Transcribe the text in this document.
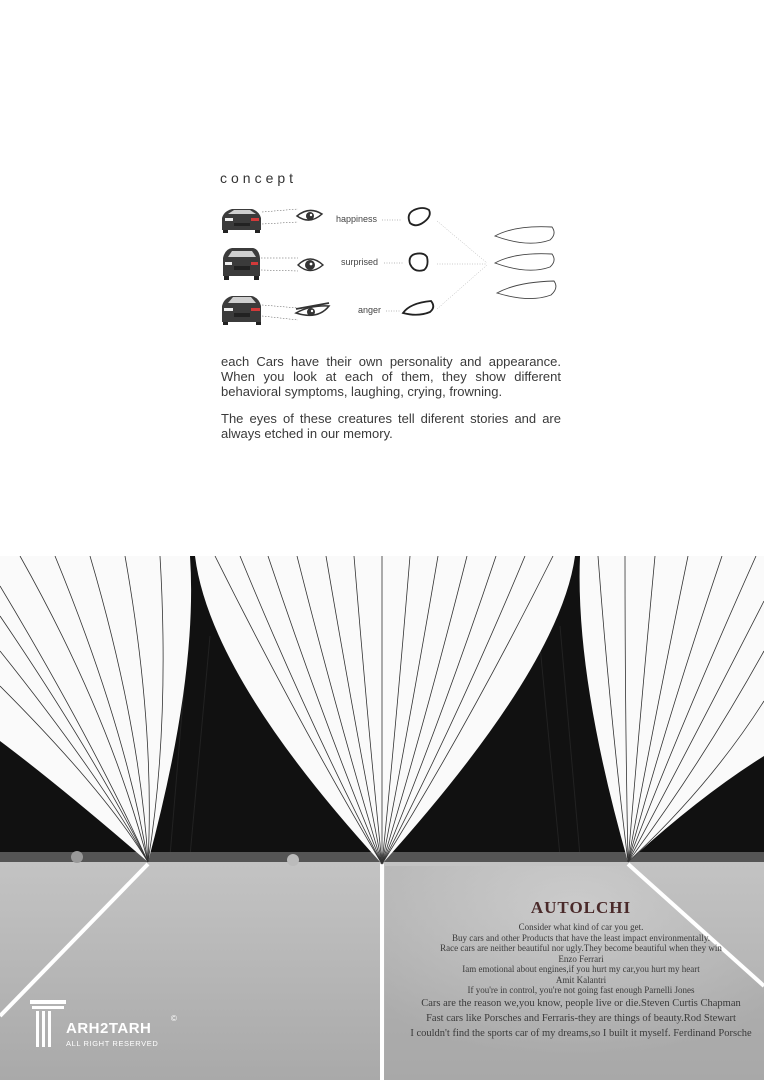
concept
happiness
surprised
anger

each Cars have their own personality and appearance. When you look at each of them, they show different behavioral symptoms, laughing, crying, frowning.

The eyes of these creatures tell diferent stories and are always etched in our memory.

AUTOLCHI
Consider what kind of car you get.
Buy cars and other Products that have the least impact environmentally.
Race cars are neither beautiful nor ugly.They become beautiful when they win
Enzo Ferrari
Iam emotional about engines,if you hurt my car,you hurt my heart
Amit Kalantri
If you're in control, you're not going fast enough Parnelli Jones
Cars are the reason we,you know, people live or die.Steven Curtis Chapman
Fast cars like Porsches and Ferraris-they are things of beauty.Rod Stewart
I couldn't find the sports car of my dreams,so I built it myself. Ferdinand Porsche
ARH2TARH
ALL RIGHT RESERVED
©
